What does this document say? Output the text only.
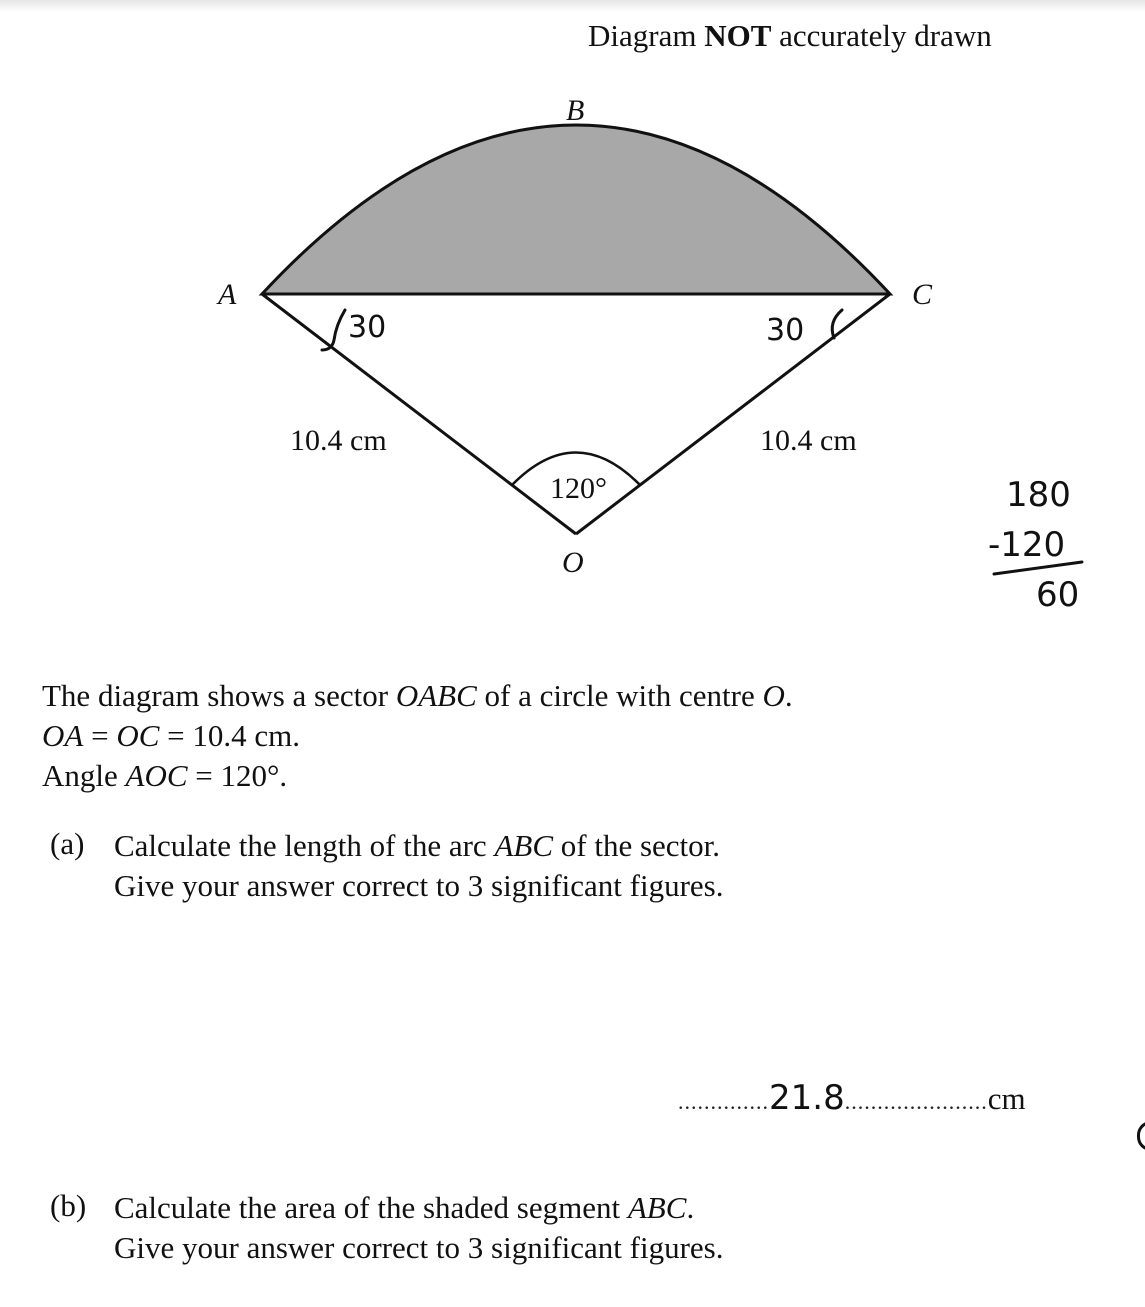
Diagram NOT accurately drawn
B
A	C
O
10.4 cm	10.4 cm
120°
30	30
180
-120
60
The diagram shows a sector OABC of a circle with centre O.
OA = OC = 10.4 cm.
Angle AOC = 120°.
(a) Calculate the length of the arc ABC of the sector.
Give your answer correct to 3 significant figures.
..............21.8......................cm
(b) Calculate the area of the shaded segment ABC.
Give your answer correct to 3 significant figures.
